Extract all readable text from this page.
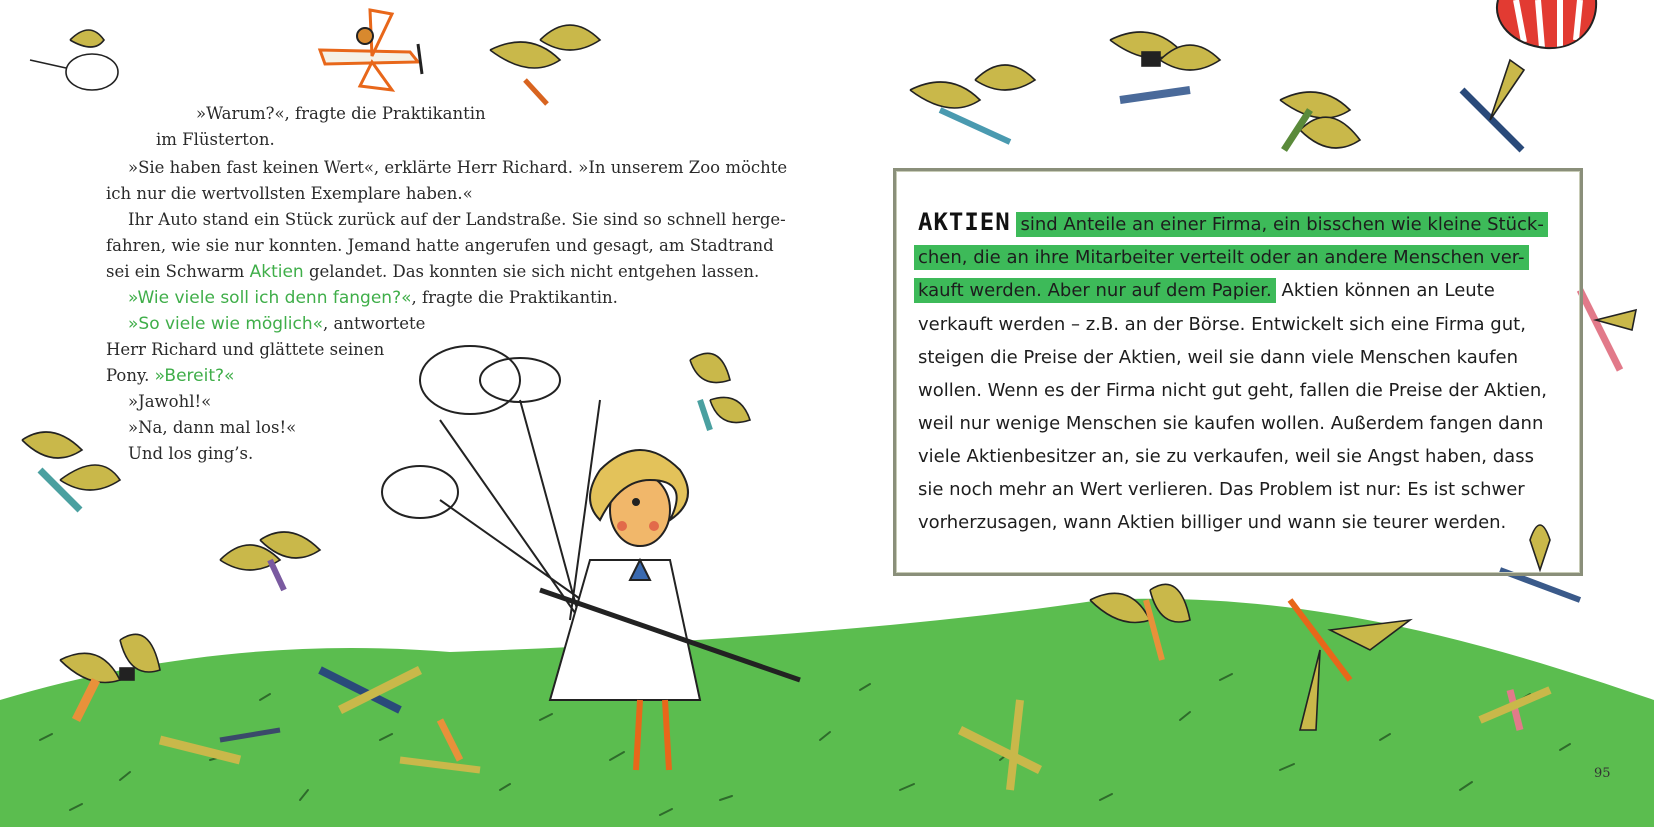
»Warum?«, fragte die Praktikantin
im Flüsterton.
»Sie haben fast keinen Wert«, erklärte Herr Richard. »In unserem Zoo möchte
ich nur die wertvollsten Exemplare haben.«
Ihr Auto stand ein Stück zurück auf der Landstraße. Sie sind so schnell herge-
fahren, wie sie nur konnten. Jemand hatte angerufen und gesagt, am Stadtrand
sei ein Schwarm Aktien gelandet. Das konnten sie sich nicht entgehen lassen.
»Wie viele soll ich denn fangen?«, fragte die Praktikantin.
»So viele wie möglich«, antwortete
Herr Richard und glättete seinen
Pony. »Bereit?«
»Jawohl!«
»Na, dann mal los!«
Und los ging’s.
AKTIEN sind Anteile an einer Firma, ein bisschen wie kleine Stück-
chen, die an ihre Mitarbeiter verteilt oder an andere Menschen ver-
kauft werden. Aber nur auf dem Papier. Aktien können an Leute
verkauft werden – z.B. an der Börse. Entwickelt sich eine Firma gut,
steigen die Preise der Aktien, weil sie dann viele Menschen kaufen
wollen. Wenn es der Firma nicht gut geht, fallen die Preise der Aktien,
weil nur wenige Menschen sie kaufen wollen. Außerdem fangen dann
viele Aktienbesitzer an, sie zu verkaufen, weil sie Angst haben, dass
sie noch mehr an Wert verlieren. Das Problem ist nur: Es ist schwer
vorherzusagen, wann Aktien billiger und wann sie teurer werden.
95
